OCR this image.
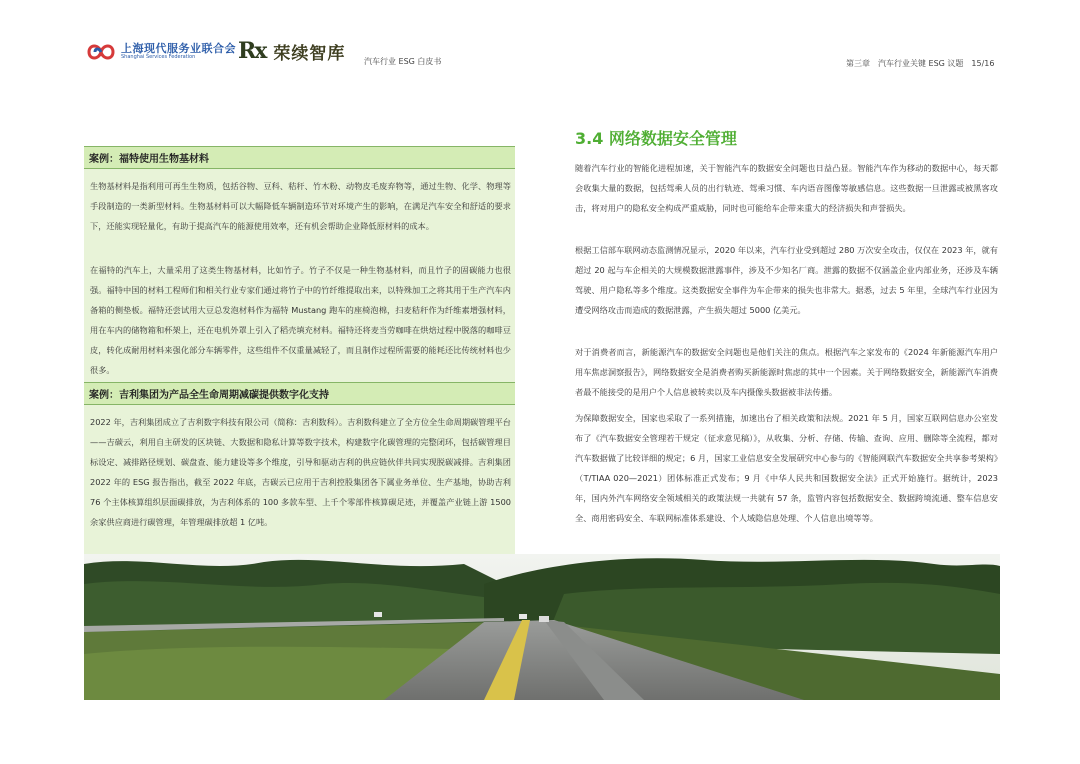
上海现代服务业联合会
Shanghai Services Federation	Rx 荣续智库 汽车行业 ESG 白皮书	第三章　汽车行业关键 ESG 议题　15/16
案例：福特使用生物基材料
生物基材料是指利用可再生生物质，包括谷物、豆科、秸秆、竹木粉、动物皮毛废弃物等，通过生物、化学、物理等手段制造的一类新型材料。生物基材料可以大幅降低车辆制造环节对环境产生的影响，在满足汽车安全和舒适的要求下，还能实现轻量化，有助于提高汽车的能源使用效率，还有机会帮助企业降低原材料的成本。
在福特的汽车上，大量采用了这类生物基材料，比如竹子。竹子不仅是一种生物基材料，而且竹子的固碳能力也很强。福特中国的材料工程师们和相关行业专家们通过将竹子中的竹纤维提取出来，以特殊加工之将其用于生产汽车内备箱的侧垫板。福特还尝试用大豆总发泡材料作为福特 Mustang 跑车的座椅泡棉，扫麦秸秆作为纤维素增强材料，用在车内的储物箱和杯架上，还在电机外罩上引入了稻壳填充材料。福特还将麦当劳咖啡在烘焙过程中脱落的咖啡豆皮，转化成耐用材料来强化部分车辆零件，这些组件不仅重量减轻了，而且制作过程所需要的能耗还比传统材料也少很多。
案例：吉利集团为产品全生命周期减碳提供数字化支持
2022 年，吉利集团成立了吉利数字科技有限公司（简称：吉利数科）。吉利数科建立了全方位全生命周期碳管理平台——吉碳云，利用自主研发的区块链、大数据和隐私计算等数字技术，构建数字化碳管理的完整闭环，包括碳管理目标设定、减排路径规划、碳盘查、能力建设等多个维度，引导和驱动吉利的供应链伙伴共同实现脱碳减排。吉利集团 2022 年的 ESG 报告指出，截至 2022 年底，吉碳云已应用于吉利控股集团各下属业务单位、生产基地，协助吉利 76 个主体核算组织层面碳排放，为吉利体系的 100 多款车型、上千个零部件核算碳足迹，并覆盖产业链上游 1500 余家供应商进行碳管理，年管理碳排放超 1 亿吨。
3.4 网络数据安全管理
随着汽车行业的智能化进程加速，关于智能汽车的数据安全问题也日益凸显。智能汽车作为移动的数据中心，每天都会收集大量的数据，包括驾乘人员的出行轨迹、驾乘习惯、车内语音图像等敏感信息。这些数据一旦泄露或被黑客攻击，将对用户的隐私安全构成严重威胁，同时也可能给车企带来重大的经济损失和声誉损失。
根据工信部车联网动态监测情况显示，2020 年以来，汽车行业受到超过 280 万次安全攻击，仅仅在 2023 年，就有超过 20 起与车企相关的大规模数据泄露事件，涉及不少知名厂商。泄露的数据不仅涵盖企业内部业务，还涉及车辆驾驶、用户隐私等多个维度。这类数据安全事件为车企带来的损失也非常大。据悉，过去 5 年里，全球汽车行业因为遭受网络攻击而造成的数据泄露，产生损失超过 5000 亿美元。
对于消费者而言，新能源汽车的数据安全问题也是他们关注的焦点。根据汽车之家发布的《2024 年新能源汽车用户用车焦虑洞察报告》，网络数据安全是消费者购买新能源时焦虑的其中一个因素。关于网络数据安全，新能源汽车消费者最不能接受的是用户个人信息被转卖以及车内摄像头数据被非法传播。
为保障数据安全，国家也采取了一系列措施，加速出台了相关政策和法规。2021 年 5 月，国家互联网信息办公室发布了《汽车数据安全管理若干规定（征求意见稿）》，从收集、分析、存储、传输、查询、应用、删除等全流程，都对汽车数据做了比较详细的规定；6 月，国家工业信息安全发展研究中心参与的《智能网联汽车数据安全共享参考架构》（T/TIAA 020—2021）团体标准正式发布；9 月《中华人民共和国数据安全法》正式开始施行。据统计，2023 年，国内外汽车网络安全领域相关的政策法规一共就有 57 条，监管内容包括数据安全、数据跨境流通、整车信息安全、商用密码安全、车联网标准体系建设、个人域隐信息处理、个人信息出境等等。
